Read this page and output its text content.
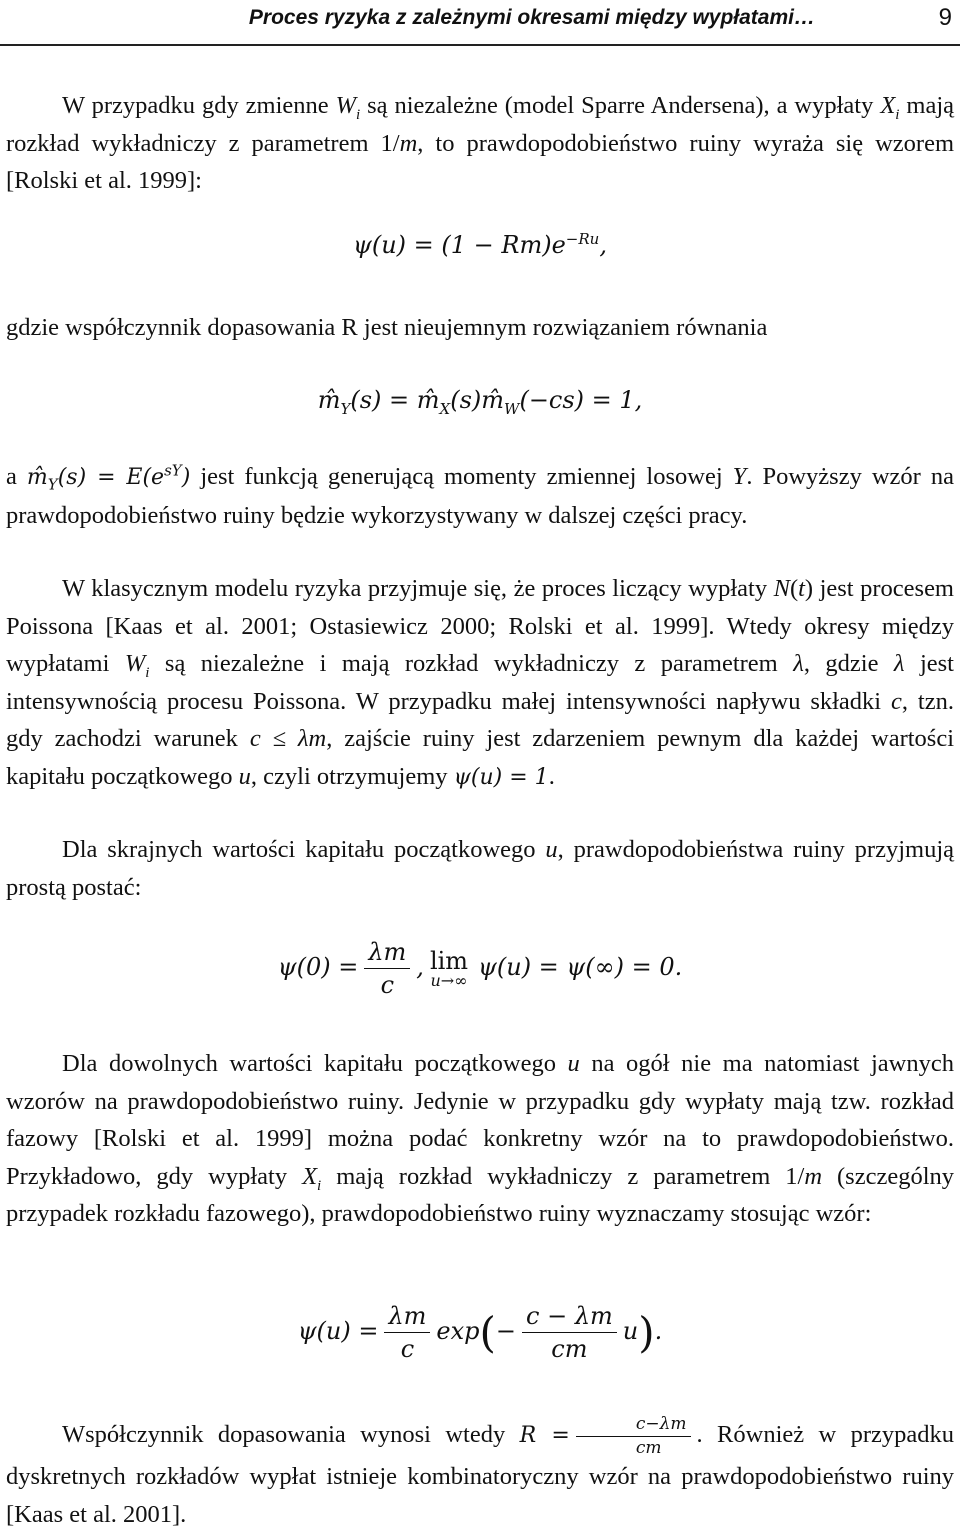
Proces ryzyka z zależnymi okresami między wypłatami…	9

W przypadku gdy zmienne $W_i$ są niezależne (model Sparre Andersena), a wypłaty $X_i$ mają rozkład wykładniczy z parametrem 1/m, to prawdopodobieństwo ruiny wyraża się wzorem [Rolski et al. 1999]:

$\psi(u) = (1 - Rm)e^{-Ru}$,

gdzie współczynnik dopasowania R jest nieujemnym rozwiązaniem równania

$m̂_Y(s)$ = $m̂_X(s)m̂_W(-cs) = 1$,

a $m̂_Y(s) = E(e^{sY})$ jest funkcją generującą momenty zmiennej losowej Y. Powyższy wzór na prawdopodobieństwo ruiny będzie wykorzystywany w dalszej części pracy.

W klasycznym modelu ryzyka przyjmuje się, że proces liczący wypłaty N(t) jest procesem Poissona [Kaas et al. 2001; Ostasiewicz 2000; Rolski et al. 1999]. Wtedy okresy między wypłatami $W_i$ są niezależne i mają rozkład wykładniczy z parametrem λ, gdzie λ jest intensywnością procesu Poissona. W przypadku małej intensywności napływu składki c, tzn. gdy zachodzi warunek c ≤ λm, zajście ruiny jest zdarzeniem pewnym dla każdej wartości kapitału początkowego u, czyli otrzymujemy ψ(u) = 1.

Dla skrajnych wartości kapitału początkowego u, prawdopodobieństwa ruiny przyjmują prostą postać:

$\psi(0) = \frac{\lambda m}{c}$ , lim
u→∞ ψ(u) = ψ(∞) = 0.

Dla dowolnych wartości kapitału początkowego u na ogół nie ma natomiast jawnych wzorów na prawdopodobieństwo ruiny. Jedynie w przypadku gdy wypłaty mają tzw. rozkład fazowy [Rolski et al. 1999] można podać konkretny wzór na to prawdopodobieństwo. Przykładowo, gdy wypłaty $X_i$ mają rozkład wykładniczy z parametrem 1/m (szczególny przypadek rozkładu fazowego), prawdopodobieństwo ruiny wyznaczamy stosując wzór:

$\psi(u) = \frac{\lambda m}{c} \exp(- \frac{c - \lambda m}{cm} u)$.

Współczynnik dopasowania wynosi wtedy $R = \frac{c-\lambda m}{cm}$ . Również w przypadku dyskretnych rozkładów wypłat istnieje kombinatoryczny wzór na prawdopodobieństwo ruiny [Kaas et al. 2001].
